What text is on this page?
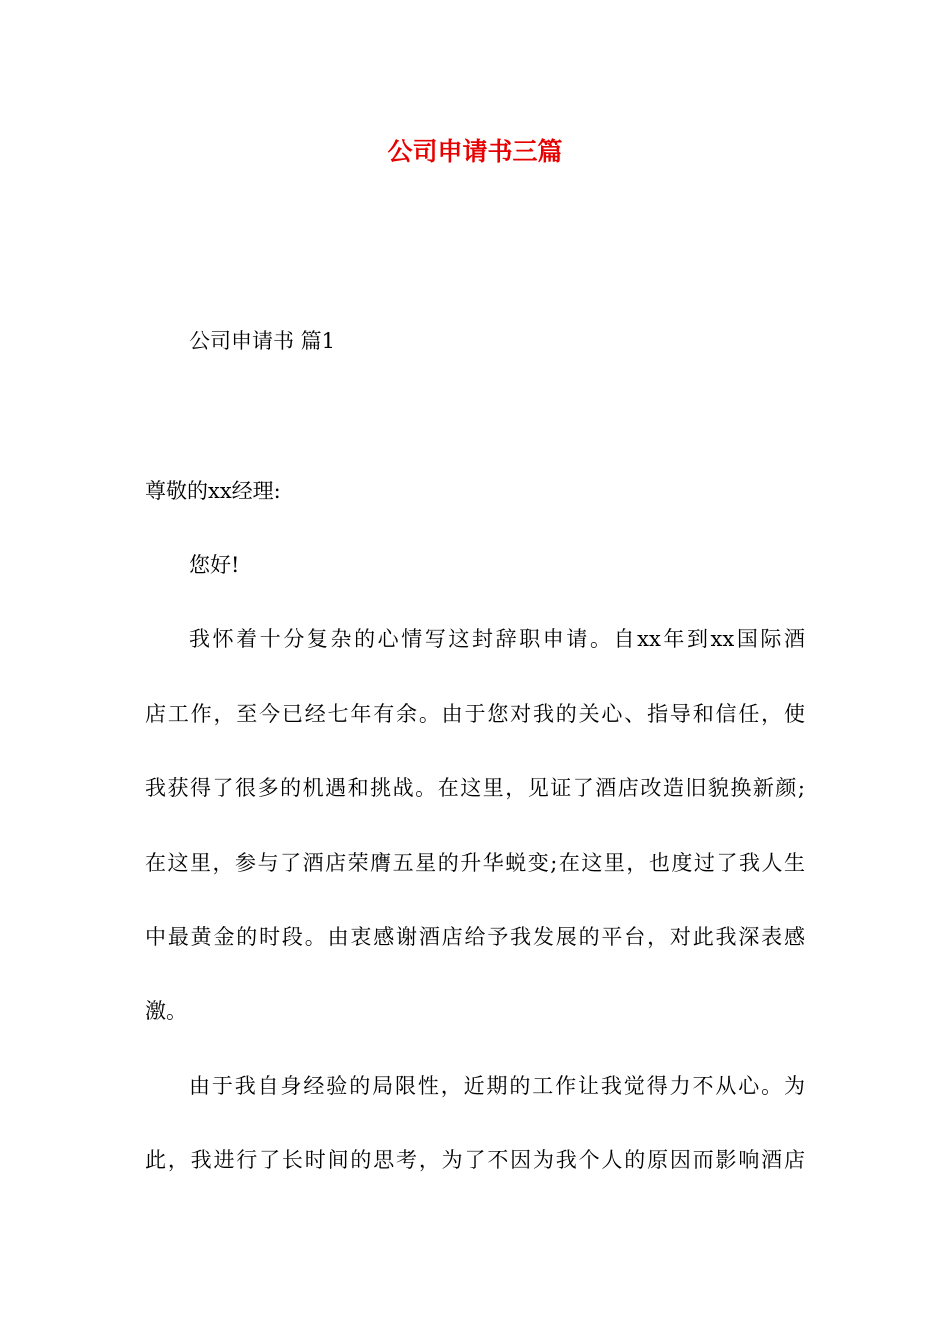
公司申请书三篇

公司申请书 篇1

尊敬的xx经理:

您好!

我怀着十分复杂的心情写这封辞职申请。自xx年到xx国际酒

店工作，至今已经七年有余。由于您对我的关心、指导和信任，使

我获得了很多的机遇和挑战。在这里，见证了酒店改造旧貌换新颜;

在这里，参与了酒店荣膺五星的升华蜕变;在这里，也度过了我人生

中最黄金的时段。由衷感谢酒店给予我发展的平台，对此我深表感

激。

由于我自身经验的局限性，近期的工作让我觉得力不从心。为

此，我进行了长时间的思考，为了不因为我个人的原因而影响酒店
